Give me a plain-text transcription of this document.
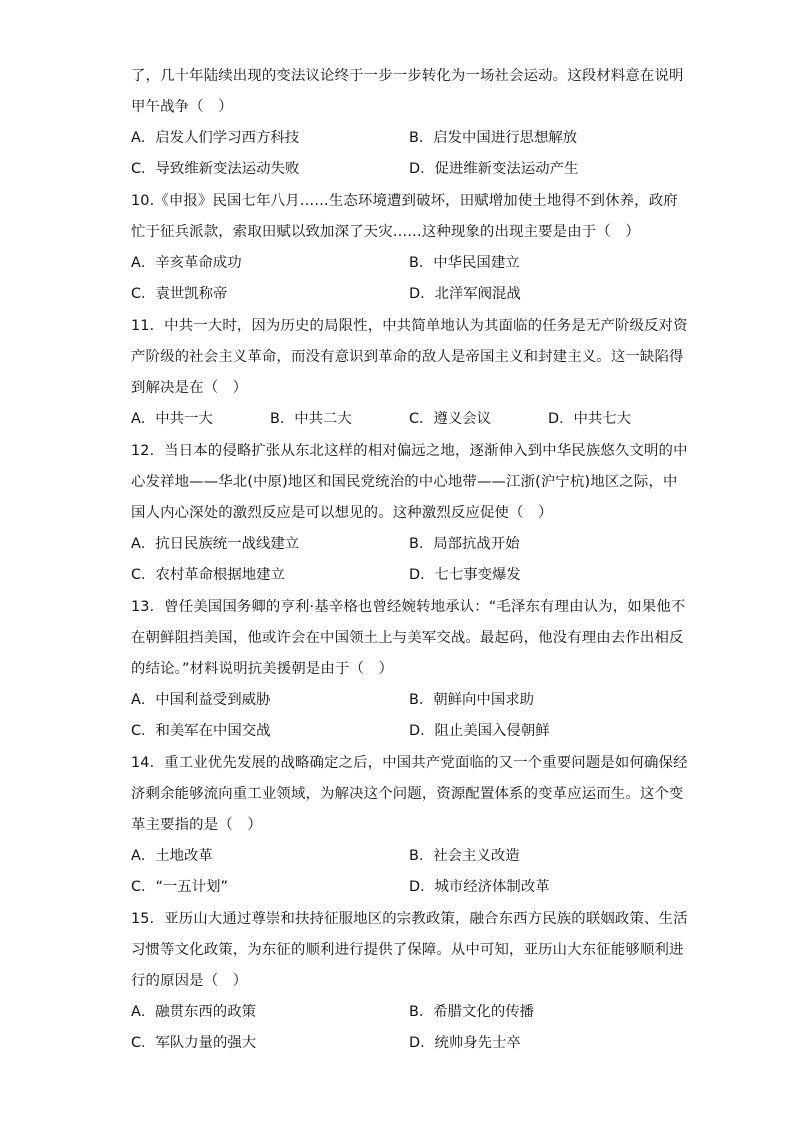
了，几十年陆续出现的变法议论终于一步一步转化为一场社会运动。这段材料意在说明
甲午战争（　）
A．启发人们学习西方科技	B．启发中国进行思想解放
C．导致维新变法运动失败	D．促进维新变法运动产生
10.《申报》民国七年八月……生态环境遭到破坏，田赋增加使土地得不到休养，政府
忙于征兵派款，索取田赋以致加深了天灾……这种现象的出现主要是由于（　）
A．辛亥革命成功	B．中华民国建立
C．袁世凯称帝	D．北洋军阀混战
11．中共一大时，因为历史的局限性，中共简单地认为其面临的任务是无产阶级反对资
产阶级的社会主义革命，而没有意识到革命的敌人是帝国主义和封建主义。这一缺陷得
到解决是在（　）
A．中共一大	B．中共二大	C．遵义会议	D．中共七大
12．当日本的侵略扩张从东北这样的相对偏远之地，逐渐伸入到中华民族悠久文明的中
心发祥地——华北(中原)地区和国民党统治的中心地带——江浙(沪宁杭)地区之际，中
国人内心深处的激烈反应是可以想见的。这种激烈反应促使（　）
A．抗日民族统一战线建立	B．局部抗战开始
C．农村革命根据地建立	D．七七事变爆发
13．曾任美国国务卿的亨利·基辛格也曾经婉转地承认：“毛泽东有理由认为，如果他不
在朝鲜阻挡美国，他或许会在中国领土上与美军交战。最起码，他没有理由去作出相反
的结论。”材料说明抗美援朝是由于（　）
A．中国利益受到威胁	B．朝鲜向中国求助
C．和美军在中国交战	D．阻止美国入侵朝鲜
14．重工业优先发展的战略确定之后，中国共产党面临的又一个重要问题是如何确保经
济剩余能够流向重工业领域，为解决这个问题，资源配置体系的变革应运而生。这个变
革主要指的是（　）
A．土地改革	B．社会主义改造
C．“一五计划”	D．城市经济体制改革
15．亚历山大通过尊崇和扶持征服地区的宗教政策，融合东西方民族的联姻政策、生活
习惯等文化政策，为东征的顺利进行提供了保障。从中可知，亚历山大东征能够顺利进
行的原因是（　）
A．融贯东西的政策	B．希腊文化的传播
C．军队力量的强大	D．统帅身先士卒
